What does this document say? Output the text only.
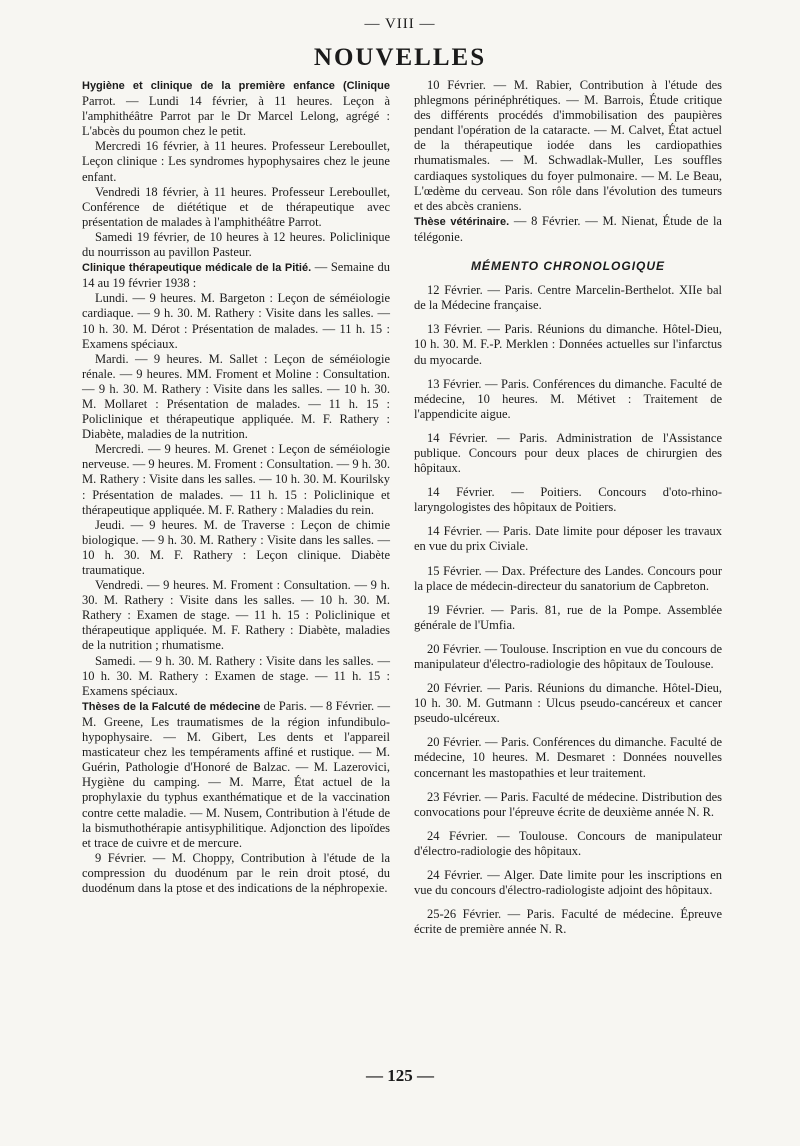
— VIII —
NOUVELLES

Hygiène et clinique de la première enfance (Clinique Parrot. — Lundi 14 février, à 11 heures. Leçon à l'amphithéâtre Parrot par le Dr Marcel Lelong, agrégé : L'abcès du poumon chez le petit.

Mercredi 16 février, à 11 heures. Professeur Lereboullet, Leçon clinique : Les syndromes hypophysaires chez le jeune enfant.

Vendredi 18 février, à 11 heures. Professeur Lereboullet, Conférence de diététique et de thérapeutique avec présentation de malades à l'amphithéâtre Parrot.

Samedi 19 février, de 10 heures à 12 heures. Policlinique du nourrisson au pavillon Pasteur.

Clinique thérapeutique médicale de la Pitié. — Semaine du 14 au 19 février 1938 :

Lundi. — 9 heures. M. Bargeton : Leçon de séméiologie cardiaque. — 9 h. 30. M. Rathery : Visite dans les salles. — 10 h. 30. M. Dérot : Présentation de malades. — 11 h. 15 : Examens spéciaux.

Mardi. — 9 heures. M. Sallet : Leçon de séméiologie rénale. — 9 heures. MM. Froment et Moline : Consultation. — 9 h. 30. M. Rathery : Visite dans les salles. — 10 h. 30. M. Mollaret : Présentation de malades. — 11 h. 15 : Policlinique et thérapeutique appliquée. M. F. Rathery : Diabète, maladies de la nutrition.

Mercredi. — 9 heures. M. Grenet : Leçon de séméiologie nerveuse. — 9 heures. M. Froment : Consultation. — 9 h. 30. M. Rathery : Visite dans les salles. — 10 h. 30. M. Kourilsky : Présentation de malades. — 11 h. 15 : Policlinique et thérapeutique appliquée. M. F. Rathery : Maladies du rein.

Jeudi. — 9 heures. M. de Traverse : Leçon de chimie biologique. — 9 h. 30. M. Rathery : Visite dans les salles. — 10 h. 30. M. F. Rathery : Leçon clinique. Diabète traumatique.

Vendredi. — 9 heures. M. Froment : Consultation. — 9 h. 30. M. Rathery : Visite dans les salles. — 10 h. 30. M. Rathery : Examen de stage. — 11 h. 15 : Policlinique et thérapeutique appliquée. M. F. Rathery : Diabète, maladies de la nutrition ; rhumatisme.

Samedi. — 9 h. 30. M. Rathery : Visite dans les salles. — 10 h. 30. M. Rathery : Examen de stage. — 11 h. 15 : Examens spéciaux.

Thèses de la Falcuté de médecine de Paris. — 8 Février. — M. Greene, Les traumatismes de la région infundibulo-hypophysaire. — M. Gibert, Les dents et l'appareil masticateur chez les tempéraments affiné et rustique. — M. Guérin, Pathologie d'Honoré de Balzac. — M. Lazerovici, Hygiène du camping. — M. Marre, État actuel de la prophylaxie du typhus exanthématique et de la vaccination contre cette maladie. — M. Nusem, Contribution à l'étude de la bismuthothérapie antisyphilitique. Adjonction des lipoïdes et trace de cuivre et de mercure.

9 Février. — M. Choppy, Contribution à l'étude de la compression du duodénum par le rein droit ptosé, du duodénum dans la ptose et des indications de la néphropexie.

10 Février. — M. Rabier, Contribution à l'étude des phlegmons périnéphrétiques. — M. Barrois, Étude critique des différents procédés d'immobilisation des paupières pendant l'opération de la cataracte. — M. Calvet, État actuel de la thérapeutique iodée dans les cardiopathies rhumatismales. — M. Schwadlak-Muller, Les souffles cardiaques systoliques du foyer pulmonaire. — M. Le Beau, L'œdème du cerveau. Son rôle dans l'évolution des tumeurs et des abcès craniens.

Thèse vétérinaire. — 8 Février. — M. Nienat, Étude de la télégonie.

MÉMENTO CHRONOLOGIQUE

12 Février. — Paris. Centre Marcelin-Berthelot. XIIe bal de la Médecine française.

13 Février. — Paris. Réunions du dimanche. Hôtel-Dieu, 10 h. 30. M. F.-P. Merklen : Données actuelles sur l'infarctus du myocarde.

13 Février. — Paris. Conférences du dimanche. Faculté de médecine, 10 heures. M. Métivet : Traitement de l'appendicite aigue.

14 Février. — Paris. Administration de l'Assistance publique. Concours pour deux places de chirurgien des hôpitaux.

14 Février. — Poitiers. Concours d'oto-rhino-laryngologistes des hôpitaux de Poitiers.

14 Février. — Paris. Date limite pour déposer les travaux en vue du prix Civiale.

15 Février. — Dax. Préfecture des Landes. Concours pour la place de médecin-directeur du sanatorium de Capbreton.

19 Février. — Paris. 81, rue de la Pompe. Assemblée générale de l'Umfia.

20 Février. — Toulouse. Inscription en vue du concours de manipulateur d'électro-radiologie des hôpitaux de Toulouse.

20 Février. — Paris. Réunions du dimanche. Hôtel-Dieu, 10 h. 30. M. Gutmann : Ulcus pseudo-cancéreux et cancer pseudo-ulcéreux.

20 Février. — Paris. Conférences du dimanche. Faculté de médecine, 10 heures. M. Desmaret : Données nouvelles concernant les mastopathies et leur traitement.

23 Février. — Paris. Faculté de médecine. Distribution des convocations pour l'épreuve écrite de deuxième année N. R.

24 Février. — Toulouse. Concours de manipulateur d'électro-radiologie des hôpitaux.

24 Février. — Alger. Date limite pour les inscriptions en vue du concours d'électro-radiologiste adjoint des hôpitaux.

25-26 Février. — Paris. Faculté de médecine. Épreuve écrite de première année N. R.

— 125 —
